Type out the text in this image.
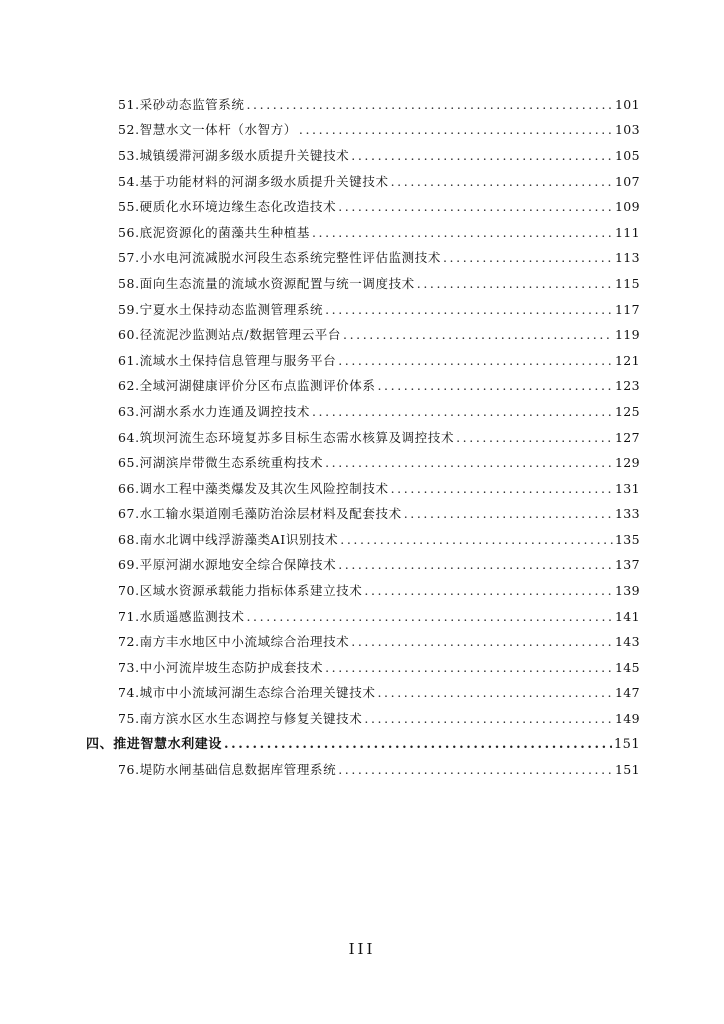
51.采砂动态监管系统 .....	101
52.智慧水文一体杆（水智方） .....	103
53.城镇缓滞河湖多级水质提升关键技术 .....	105
54.基于功能材料的河湖多级水质提升关键技术 .....	107
55.硬质化水环境边缘生态化改造技术 .....	109
56.底泥资源化的菌藻共生种植基 .....	111
57.小水电河流减脱水河段生态系统完整性评估监测技术 .....	113
58.面向生态流量的流域水资源配置与统一调度技术 .....	115
59.宁夏水土保持动态监测管理系统 .....	117
60.径流泥沙监测站点/数据管理云平台 .....	119
61.流域水土保持信息管理与服务平台 .....	121
62.全域河湖健康评价分区布点监测评价体系 .....	123
63.河湖水系水力连通及调控技术 .....	125
64.筑坝河流生态环境复苏多目标生态需水核算及调控技术 .....	127
65.河湖滨岸带微生态系统重构技术 .....	129
66.调水工程中藻类爆发及其次生风险控制技术 .....	131
67.水工输水渠道刚毛藻防治涂层材料及配套技术 .....	133
68.南水北调中线浮游藻类AI识别技术 .....	135
69.平原河湖水源地安全综合保障技术 .....	137
70.区域水资源承载能力指标体系建立技术 .....	139
71.水质遥感监测技术 .....	141
72.南方丰水地区中小流域综合治理技术 .....	143
73.中小河流岸坡生态防护成套技术 .....	145
74.城市中小流域河湖生态综合治理关键技术 .....	147
75.南方滨水区水生态调控与修复关键技术 .....	149
四、推进智慧水利建设 .....	151
76.堤防水闸基础信息数据库管理系统 .....	151
III
